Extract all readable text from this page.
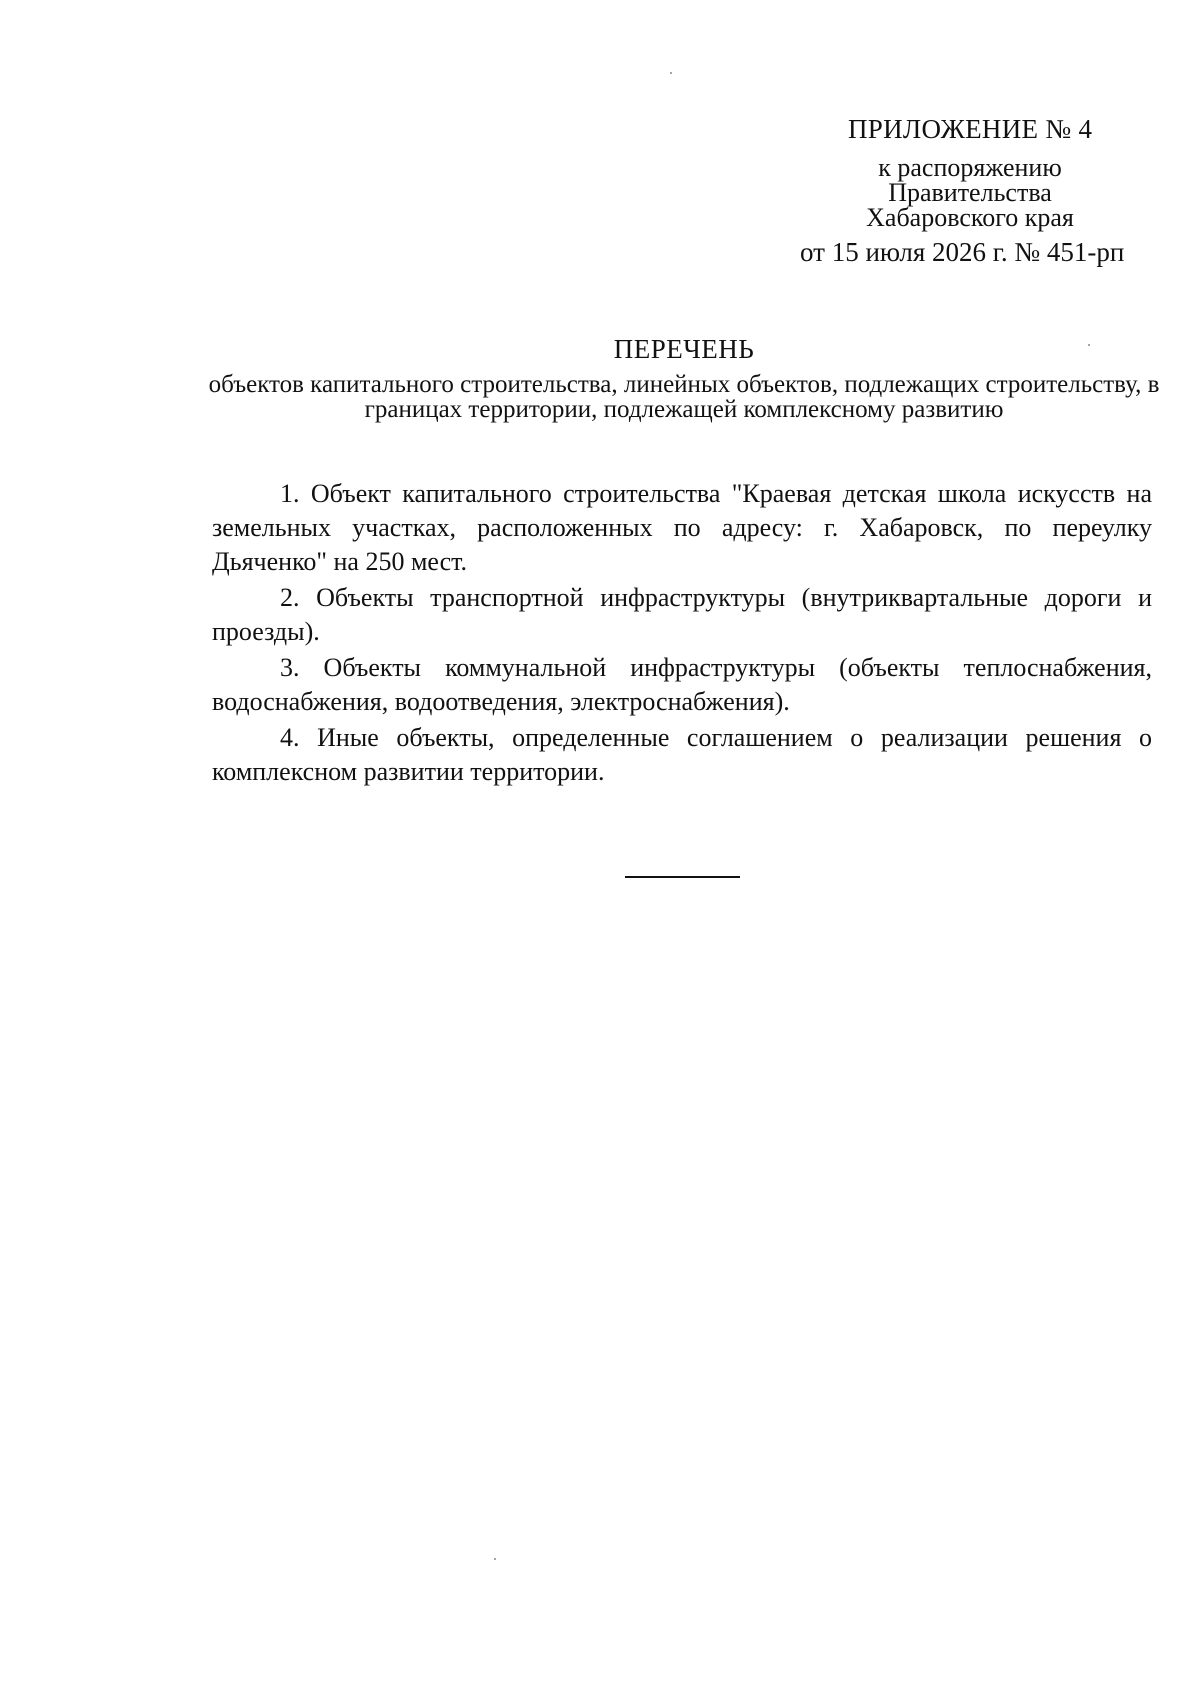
ПРИЛОЖЕНИЕ № 4
к распоряжению
Правительства
Хабаровского края
от 15 июля 2026 г. № 451-рп
ПЕРЕЧЕНЬ
объектов капитального строительства, линейных объектов, подлежащих строительству, в границах территории, подлежащей комплексному развитию

1. Объект капитального строительства "Краевая детская школа искусств на земельных участках, расположенных по адресу: г. Хабаровск, по переулку Дьяченко" на 250 мест.

2. Объекты транспортной инфраструктуры (внутриквартальные дороги и проезды).

3. Объекты коммунальной инфраструктуры (объекты теплоснабжения, водоснабжения, водоотведения, электроснабжения).

4. Иные объекты, определенные соглашением о реализации решения о комплексном развитии территории.
